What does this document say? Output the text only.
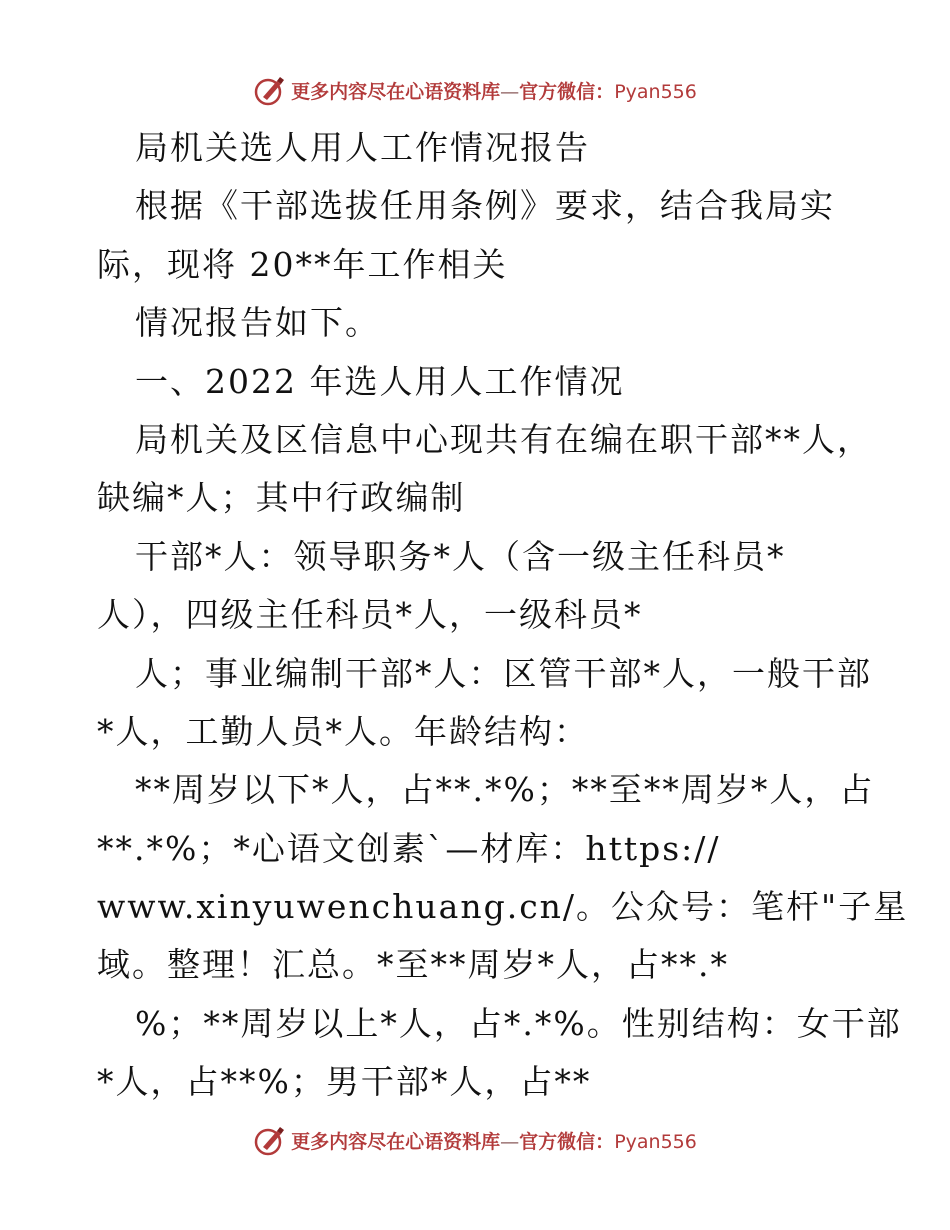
更多内容尽在心语资料库—官方微信：Pyan556
局机关选人用人工作情况报告
根据《干部选拔任用条例》要求，结合我局实
际，现将 20**年工作相关
情况报告如下。
一、2022 年选人用人工作情况
局机关及区信息中心现共有在编在职干部**人，
缺编*人；其中行政编制
干部*人：领导职务*人（含一级主任科员*
人），四级主任科员*人，一级科员*
人；事业编制干部*人：区管干部*人，一般干部
*人，工勤人员*人。年龄结构：
**周岁以下*人，占**.*%；**至**周岁*人，占
**.*%；*心语文创素`—材库：https://
www.xinyuwenchuang.cn/。公众号：笔杆"子星
域。整理！汇总。*至**周岁*人，占**.*
%；**周岁以上*人，占*.*%。性别结构：女干部
*人，占**%；男干部*人，占**
更多内容尽在心语资料库—官方微信：Pyan556
